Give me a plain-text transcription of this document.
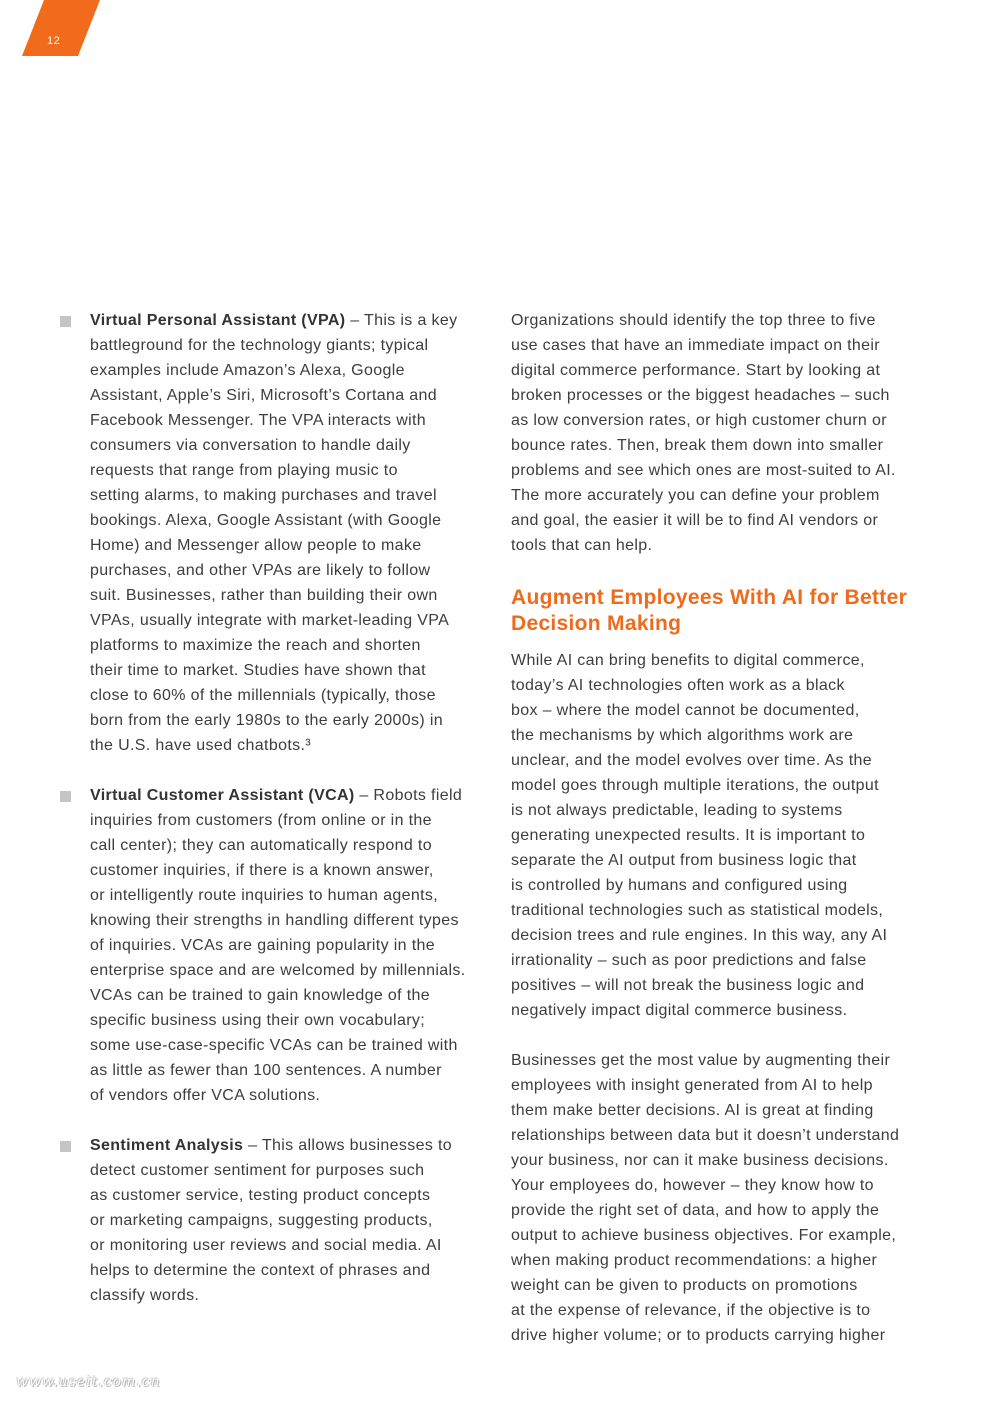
12
Virtual Personal Assistant (VPA) – This is a key
battleground for the technology giants; typical
examples include Amazon’s Alexa, Google
Assistant, Apple’s Siri, Microsoft’s Cortana and
Facebook Messenger. The VPA interacts with
consumers via conversation to handle daily
requests that range from playing music to
setting alarms, to making purchases and travel
bookings. Alexa, Google Assistant (with Google
Home) and Messenger allow people to make
purchases, and other VPAs are likely to follow
suit. Businesses, rather than building their own
VPAs, usually integrate with market-leading VPA
platforms to maximize the reach and shorten
their time to market. Studies have shown that
close to 60% of the millennials (typically, those
born from the early 1980s to the early 2000s) in
the U.S. have used chatbots.³
Virtual Customer Assistant (VCA) – Robots field
inquiries from customers (from online or in the
call center); they can automatically respond to
customer inquiries, if there is a known answer,
or intelligently route inquiries to human agents,
knowing their strengths in handling different types
of inquiries. VCAs are gaining popularity in the
enterprise space and are welcomed by millennials.
VCAs can be trained to gain knowledge of the
specific business using their own vocabulary;
some use-case-specific VCAs can be trained with
as little as fewer than 100 sentences. A number
of vendors offer VCA solutions.
Sentiment Analysis – This allows businesses to
detect customer sentiment for purposes such
as customer service, testing product concepts
or marketing campaigns, suggesting products,
or monitoring user reviews and social media. AI
helps to determine the context of phrases and
classify words.
Organizations should identify the top three to five
use cases that have an immediate impact on their
digital commerce performance. Start by looking at
broken processes or the biggest headaches – such
as low conversion rates, or high customer churn or
bounce rates. Then, break them down into smaller
problems and see which ones are most-suited to AI.
The more accurately you can define your problem
and goal, the easier it will be to find AI vendors or
tools that can help.
Augment Employees With AI for Better
Decision Making
While AI can bring benefits to digital commerce,
today’s AI technologies often work as a black
box – where the model cannot be documented,
the mechanisms by which algorithms work are
unclear, and the model evolves over time. As the
model goes through multiple iterations, the output
is not always predictable, leading to systems
generating unexpected results. It is important to
separate the AI output from business logic that
is controlled by humans and configured using
traditional technologies such as statistical models,
decision trees and rule engines. In this way, any AI
irrationality – such as poor predictions and false
positives – will not break the business logic and
negatively impact digital commerce business.
Businesses get the most value by augmenting their
employees with insight generated from AI to help
them make better decisions. AI is great at finding
relationships between data but it doesn’t understand
your business, nor can it make business decisions.
Your employees do, however – they know how to
provide the right set of data, and how to apply the
output to achieve business objectives. For example,
when making product recommendations: a higher
weight can be given to products on promotions
at the expense of relevance, if the objective is to
drive higher volume; or to products carrying higher
www.useit.com.cn
